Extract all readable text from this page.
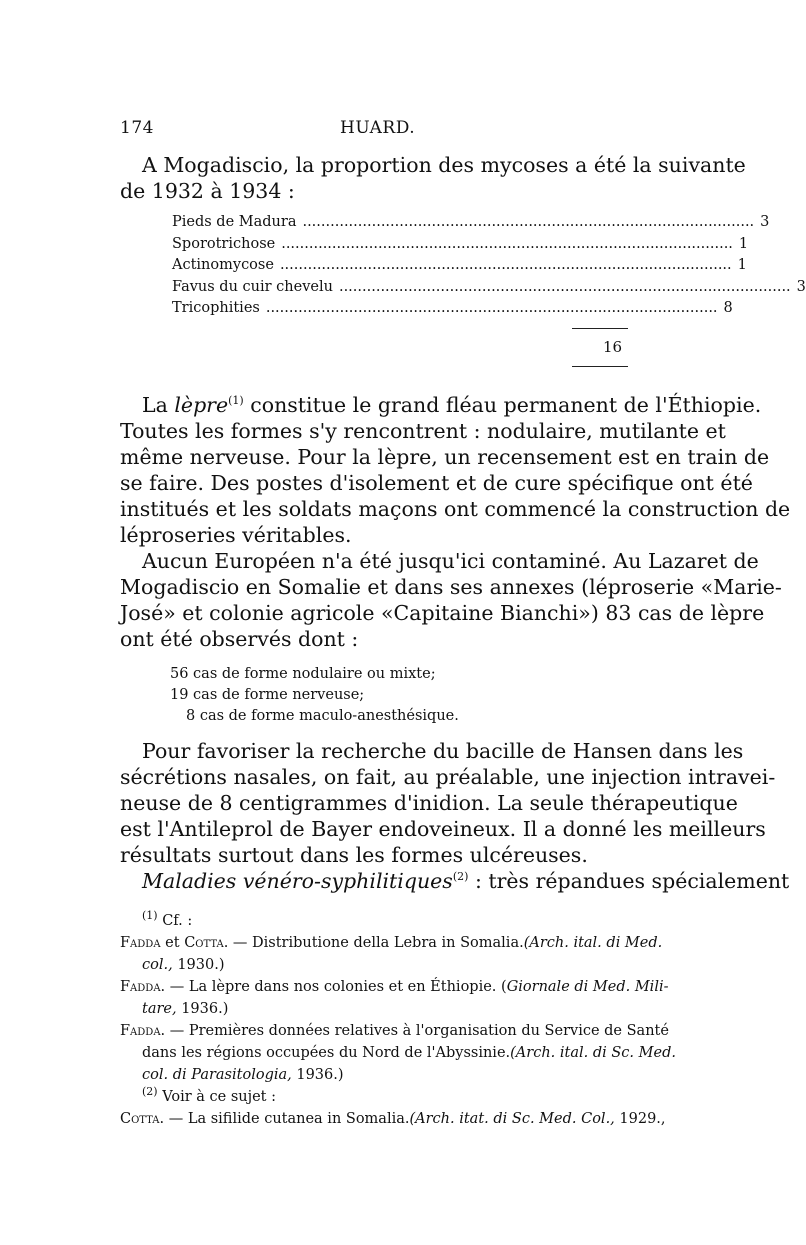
174	HUARD.
A Mogadiscio, la proportion des mycoses a été la suivante
de 1932 à 1934 :
Pieds de Madura .................................................................................................. 3
Sporotrichose .................................................................................................. 1
Actinomycose .................................................................................................. 1
Favus du cuir chevelu .................................................................................................. 3
Tricophities .................................................................................................. 8
16
La lèpre$^{(1)}$ constitue le grand fléau permanent de l'Éthiopie.
Toutes les formes s'y rencontrent : nodulaire, mutilante et
même nerveuse. Pour la lèpre, un recensement est en train de
se faire. Des postes d'isolement et de cure spécifique ont été
institués et les soldats maçons ont commencé la construction de
léproseries véritables.
Aucun Européen n'a été jusqu'ici contaminé. Au Lazaret de
Mogadiscio en Somalie et dans ses annexes (léproserie «Marie-
José» et colonie agricole «Capitaine Bianchi») 83 cas de lèpre
ont été observés dont :
56 cas de forme nodulaire ou mixte;
19 cas de forme nerveuse;
8 cas de forme maculo-anesthésique.
Pour favoriser la recherche du bacille de Hansen dans les
sécrétions nasales, on fait, au préalable, une injection intravei-
neuse de 8 centigrammes d'inidion. La seule thérapeutique
est l'Antileprol de Bayer endoveineux. Il a donné les meilleurs
résultats surtout dans les formes ulcéreuses.
Maladies vénéro-syphilitiques$^{(2)}$ : très répandues spécialement
$^{(1)}$ Cf. :
Fadda et Cotta. — Distributione della Lebra in Somalia.(Arch. ital. di Med.
col., 1930.)
Fadda. — La lèpre dans nos colonies et en Éthiopie. (Giornale di Med. Mili-
tare, 1936.)
Fadda. — Premières données relatives à l'organisation du Service de Santé
dans les régions occupées du Nord de l'Abyssinie.(Arch. ital. di Sc. Med.
col. di Parasitologia, 1936.)
$^{(2)}$ Voir à ce sujet :
Cotta. — La sifilide cutanea in Somalia.(Arch. itat. di Sc. Med. Col., 1929.,
